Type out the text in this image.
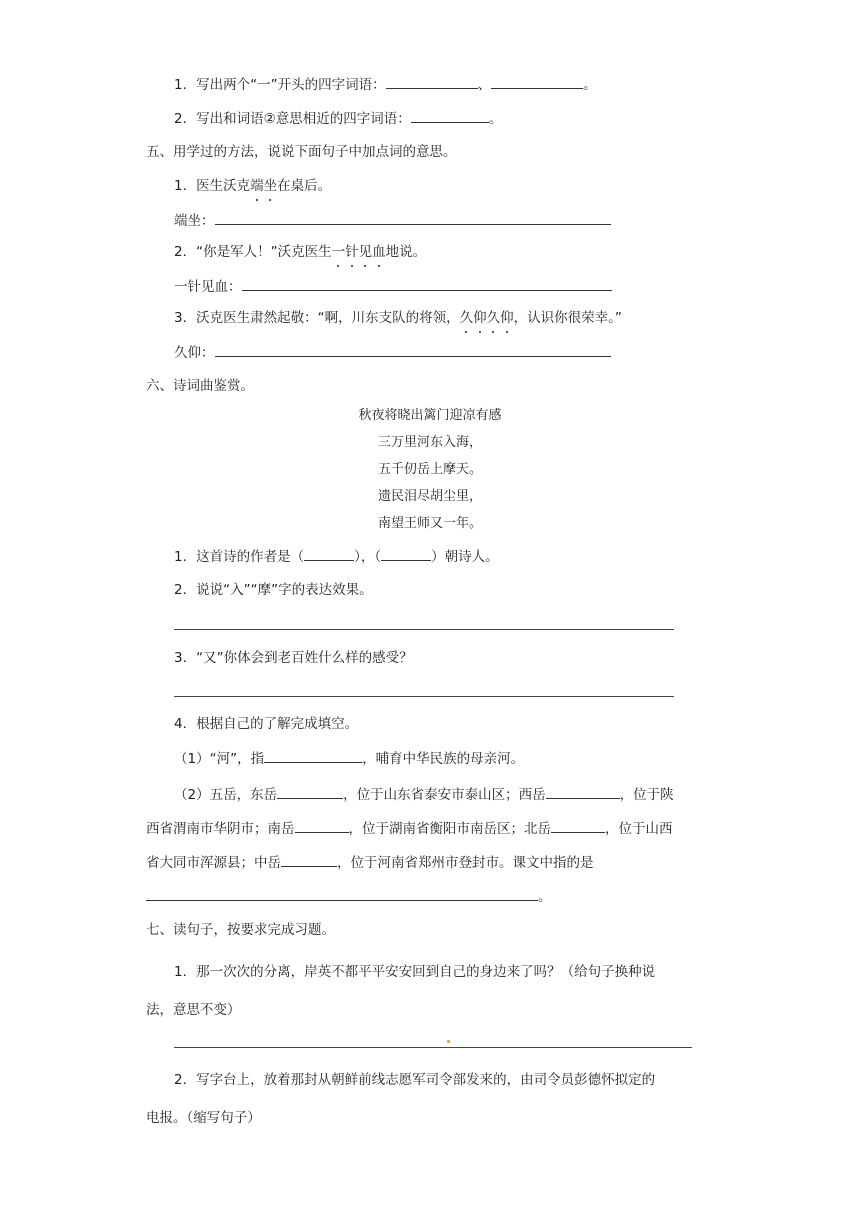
1．写出两个“一”开头的四字词语：	、	。
2．写出和词语②意思相近的四字词语：	。
五、用学过的方法，说说下面句子中加点词的意思。
1．医生沃克端坐在桌后。
端坐：
2．“你是军人！”沃克医生一针见血地说。
一针见血：
3．沃克医生肃然起敬：“啊，川东支队的将领，久仰久仰，认识你很荣幸。”
久仰：
六、诗词曲鉴赏。
秋夜将晓出篱门迎凉有感
三万里河东入海，
五千仞岳上摩天。
遗民泪尽胡尘里，
南望王师又一年。
1．这首诗的作者是（	），（	）朝诗人。
2．说说“入”“摩”字的表达效果。
3．“又”你体会到老百姓什么样的感受？
4．根据自己的了解完成填空。
（1）“河”，指	，哺育中华民族的母亲河。
（2）五岳，东岳	，位于山东省泰安市泰山区；西岳	，位于陕
西省渭南市华阴市；南岳	，位于湖南省衡阳市南岳区；北岳	，位于山西
省大同市浑源县；中岳	，位于河南省郑州市登封市。课文中指的是
。
七、读句子，按要求完成习题。
1．那一次次的分离，岸英不都平平安安回到自己的身边来了吗？（给句子换种说
法，意思不变）
2．写字台上，放着那封从朝鲜前线志愿军司令部发来的，由司令员彭德怀拟定的
电报。（缩写句子）
